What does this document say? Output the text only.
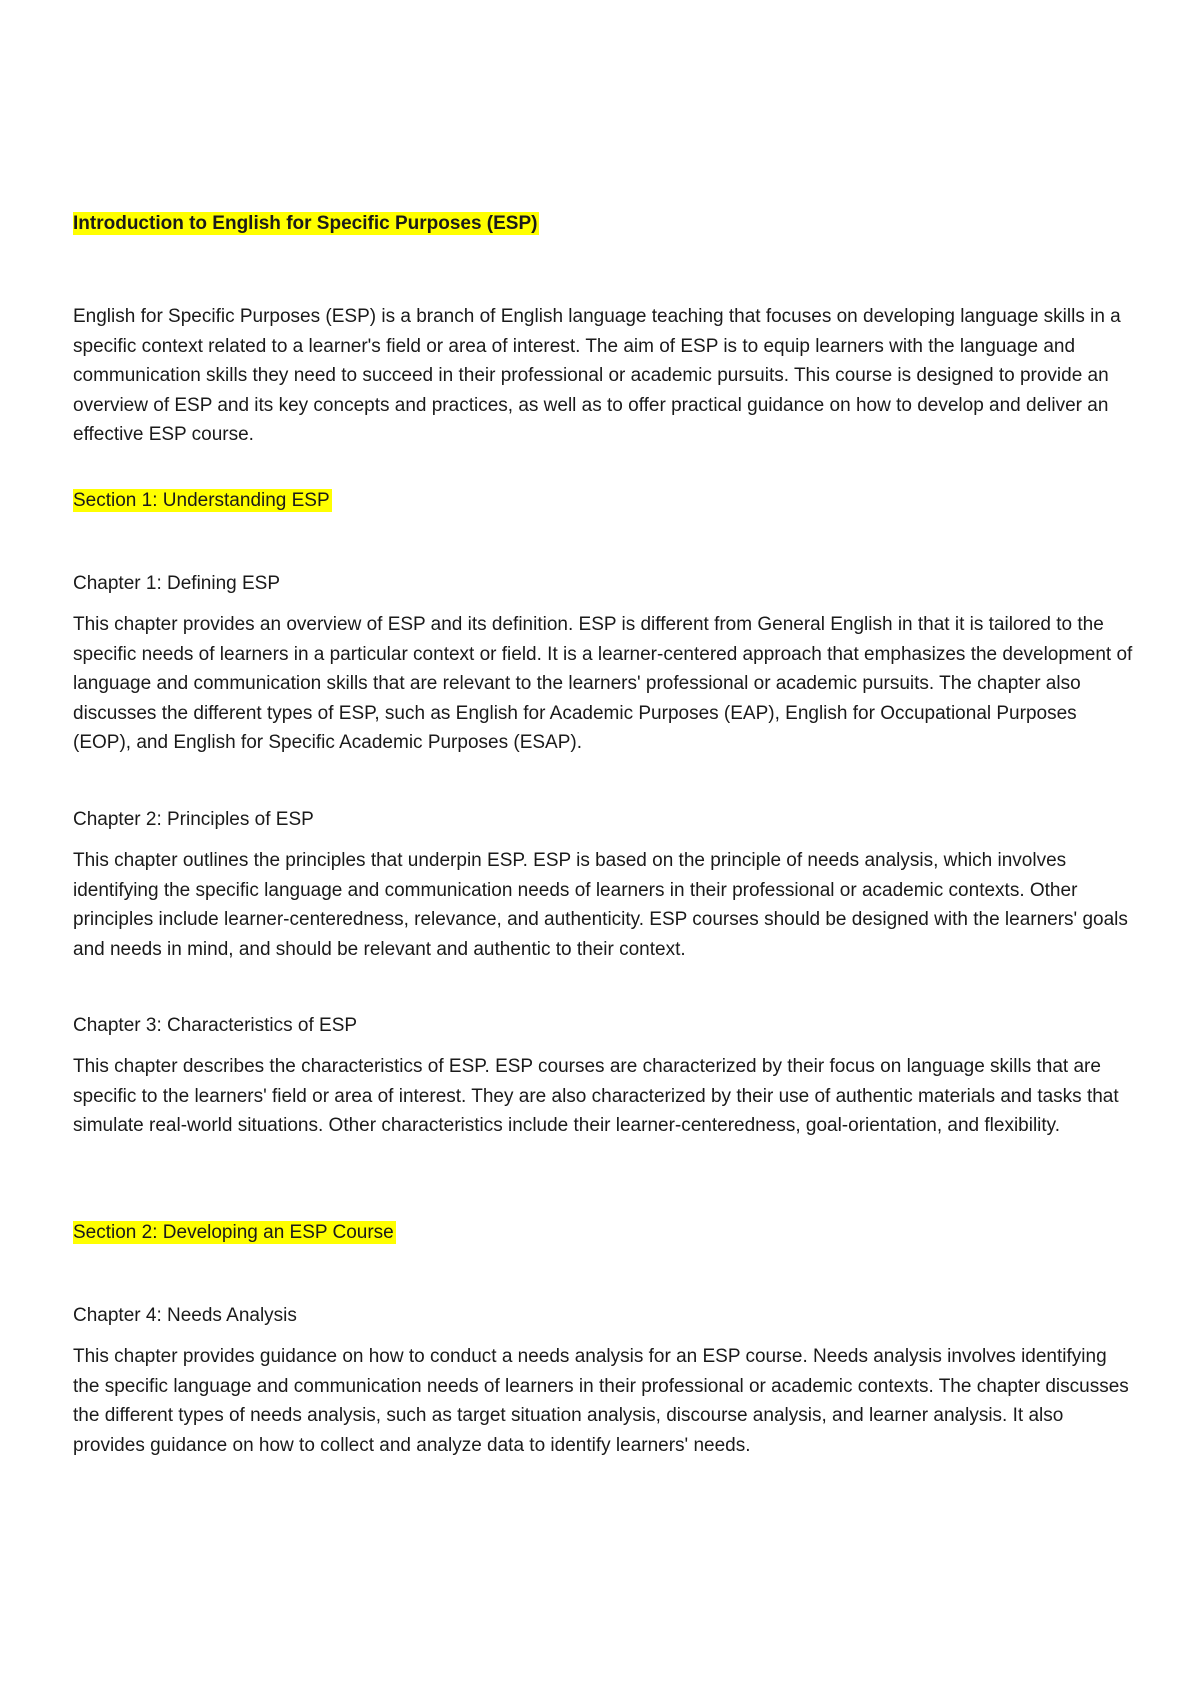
Introduction to English for Specific Purposes (ESP)

English for Specific Purposes (ESP) is a branch of English language teaching that focuses on developing language skills in a specific context related to a learner's field or area of interest. The aim of ESP is to equip learners with the language and communication skills they need to succeed in their professional or academic pursuits. This course is designed to provide an overview of ESP and its key concepts and practices, as well as to offer practical guidance on how to develop and deliver an effective ESP course.

Section 1: Understanding ESP
Chapter 1: Defining ESP

This chapter provides an overview of ESP and its definition. ESP is different from General English in that it is tailored to the specific needs of learners in a particular context or field. It is a learner-centered approach that emphasizes the development of language and communication skills that are relevant to the learners' professional or academic pursuits. The chapter also discusses the different types of ESP, such as English for Academic Purposes (EAP), English for Occupational Purposes (EOP), and English for Specific Academic Purposes (ESAP).

Chapter 2: Principles of ESP

This chapter outlines the principles that underpin ESP. ESP is based on the principle of needs analysis, which involves identifying the specific language and communication needs of learners in their professional or academic contexts. Other principles include learner-centeredness, relevance, and authenticity. ESP courses should be designed with the learners' goals and needs in mind, and should be relevant and authentic to their context.

Chapter 3: Characteristics of ESP

This chapter describes the characteristics of ESP. ESP courses are characterized by their focus on language skills that are specific to the learners' field or area of interest. They are also characterized by their use of authentic materials and tasks that simulate real-world situations. Other characteristics include their learner-centeredness, goal-orientation, and flexibility.

Section 2: Developing an ESP Course
Chapter 4: Needs Analysis

This chapter provides guidance on how to conduct a needs analysis for an ESP course. Needs analysis involves identifying the specific language and communication needs of learners in their professional or academic contexts. The chapter discusses the different types of needs analysis, such as target situation analysis, discourse analysis, and learner analysis. It also provides guidance on how to collect and analyze data to identify learners' needs.
